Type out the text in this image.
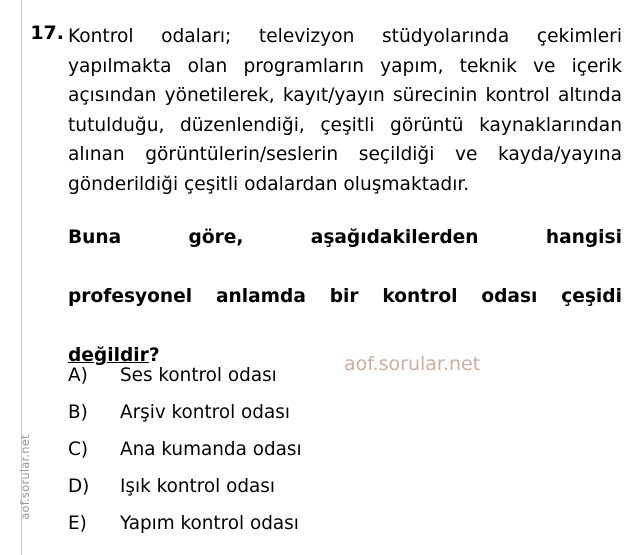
aof.sorular.net
17. Kontrol odaları; televizyon stüdyolarında çekimleri yapılmakta olan programların yapım, teknik ve içerik açısından yönetilerek, kayıt/yayın sürecinin kontrol altında tutulduğu, düzenlendiği, çeşitli görüntü kaynaklarından alınan görüntülerin/seslerin seçildiği ve kayda/yayına gönderildiği çeşitli odalardan oluşmaktadır.

Buna göre, aşağıdakilerden hangisi
profesyonel anlamda bir kontrol odası çeşidi
değildir?

A) Ses kontrol odası
B) Arşiv kontrol odası
C) Ana kumanda odası
D) Işık kontrol odası
E) Yapım kontrol odası
aof.sorular.net
